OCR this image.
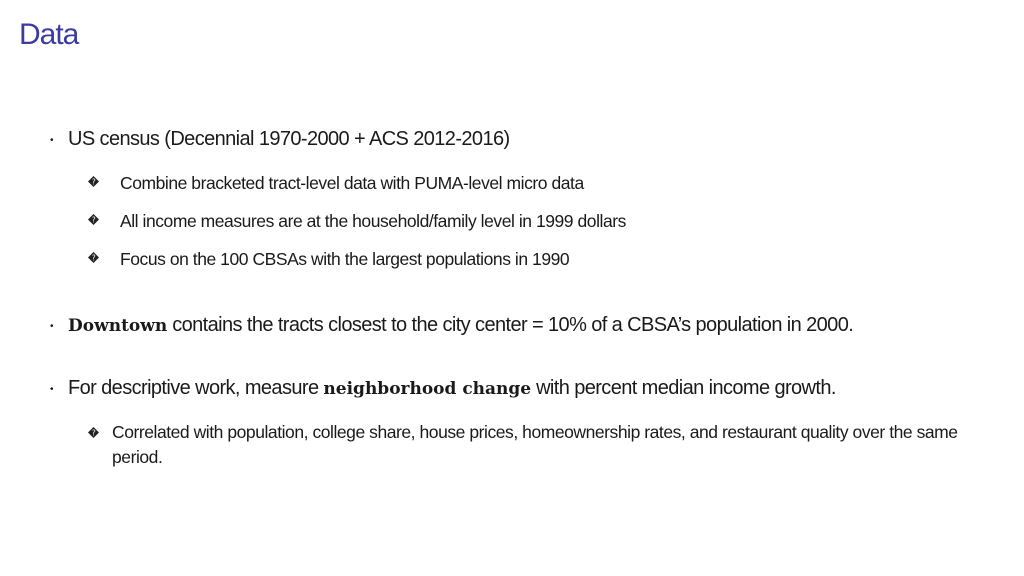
Data
• US census (Decennial 1970-2000 + ACS 2012-2016)
? Combine bracketed tract-level data with PUMA-level micro data
? All income measures are at the household/family level in 1999 dollars
? Focus on the 100 CBSAs with the largest populations in 1990
• Downtown contains the tracts closest to the city center = 10% of a CBSA’s population in 2000.
• For descriptive work, measure neighborhood change with percent median income growth.
? Correlated with population, college share, house prices, homeownership rates, and restaurant quality over the same period.
